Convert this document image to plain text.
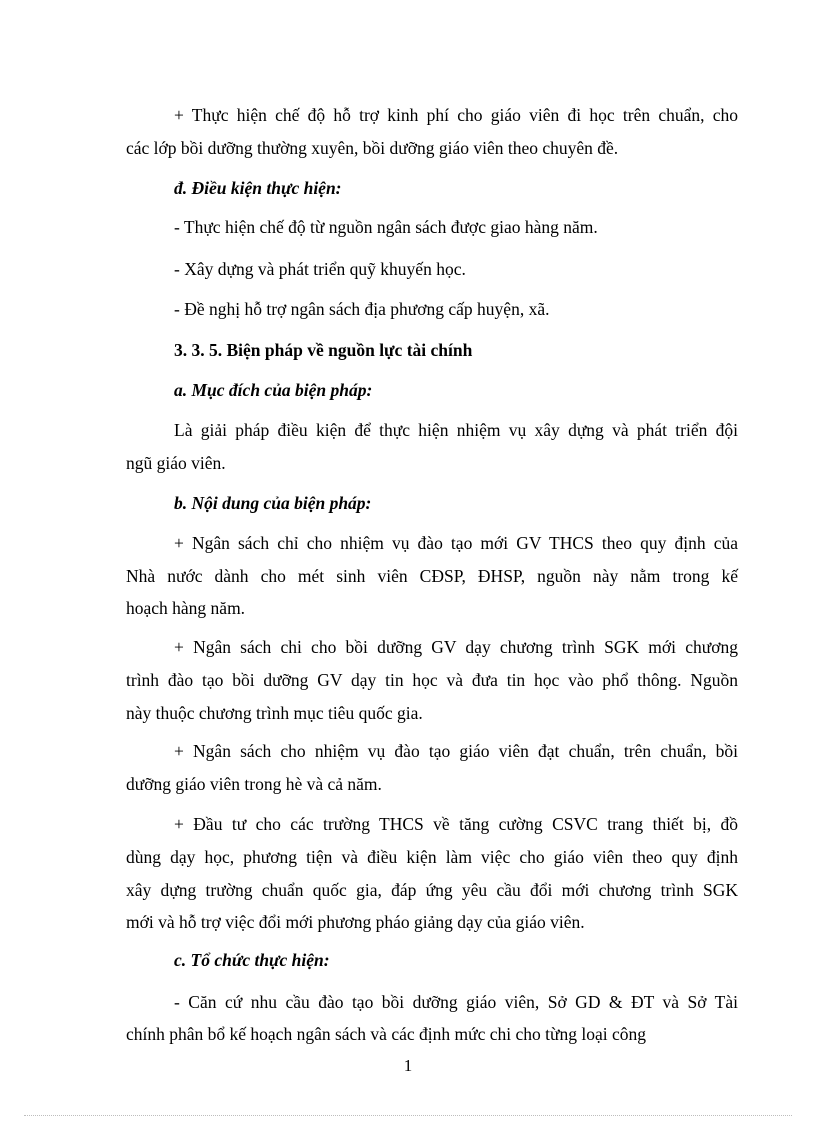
+ Thực hiện chế độ hỗ trợ kinh phí cho giáo viên đi học trên chuẩn, cho
các lớp bồi dưỡng thường xuyên, bồi dưỡng giáo viên theo chuyên đề.
đ. Điều kiện thực hiện:
- Thực hiện chế độ từ nguồn ngân sách được giao hàng năm.
- Xây dựng và phát triển quỹ khuyến học.
- Đề nghị hỗ trợ ngân sách địa phương cấp huyện, xã.
3. 3. 5. Biện pháp về nguồn lực tài chính
a. Mục đích của biện pháp:
Là giải pháp điều kiện để thực hiện nhiệm vụ xây dựng và phát triển đội
ngũ giáo viên.
b. Nội dung của biện pháp:
+ Ngân sách chỉ cho nhiệm vụ đào tạo mới GV THCS theo quy định của
Nhà nước dành cho mét sinh viên CĐSP, ĐHSP, nguồn này nằm trong kế
hoạch hàng năm.
+ Ngân sách chi cho bồi dưỡng GV dạy chương trình SGK mới chương
trình đào tạo bồi dưỡng GV dạy tin học và đưa tin học vào phổ thông. Nguồn
này thuộc chương trình mục tiêu quốc gia.
+ Ngân sách cho nhiệm vụ đào tạo giáo viên đạt chuẩn, trên chuẩn, bồi
dưỡng giáo viên trong hè và cả năm.
+ Đầu tư cho các trường THCS về tăng cường CSVC trang thiết bị, đồ
dùng dạy học, phương tiện và điều kiện làm việc cho giáo viên theo quy định
xây dựng trường chuẩn quốc gia, đáp ứng yêu cầu đổi mới chương trình SGK
mới và hỗ trợ việc đổi mới phương pháo giảng dạy của giáo viên.
c. Tổ chức thực hiện:
- Căn cứ nhu cầu đào tạo bồi dưỡng giáo viên, Sở GD & ĐT và Sở Tài
chính phân bổ kế hoạch ngân sách và các định mức chi cho từng loại công
1
